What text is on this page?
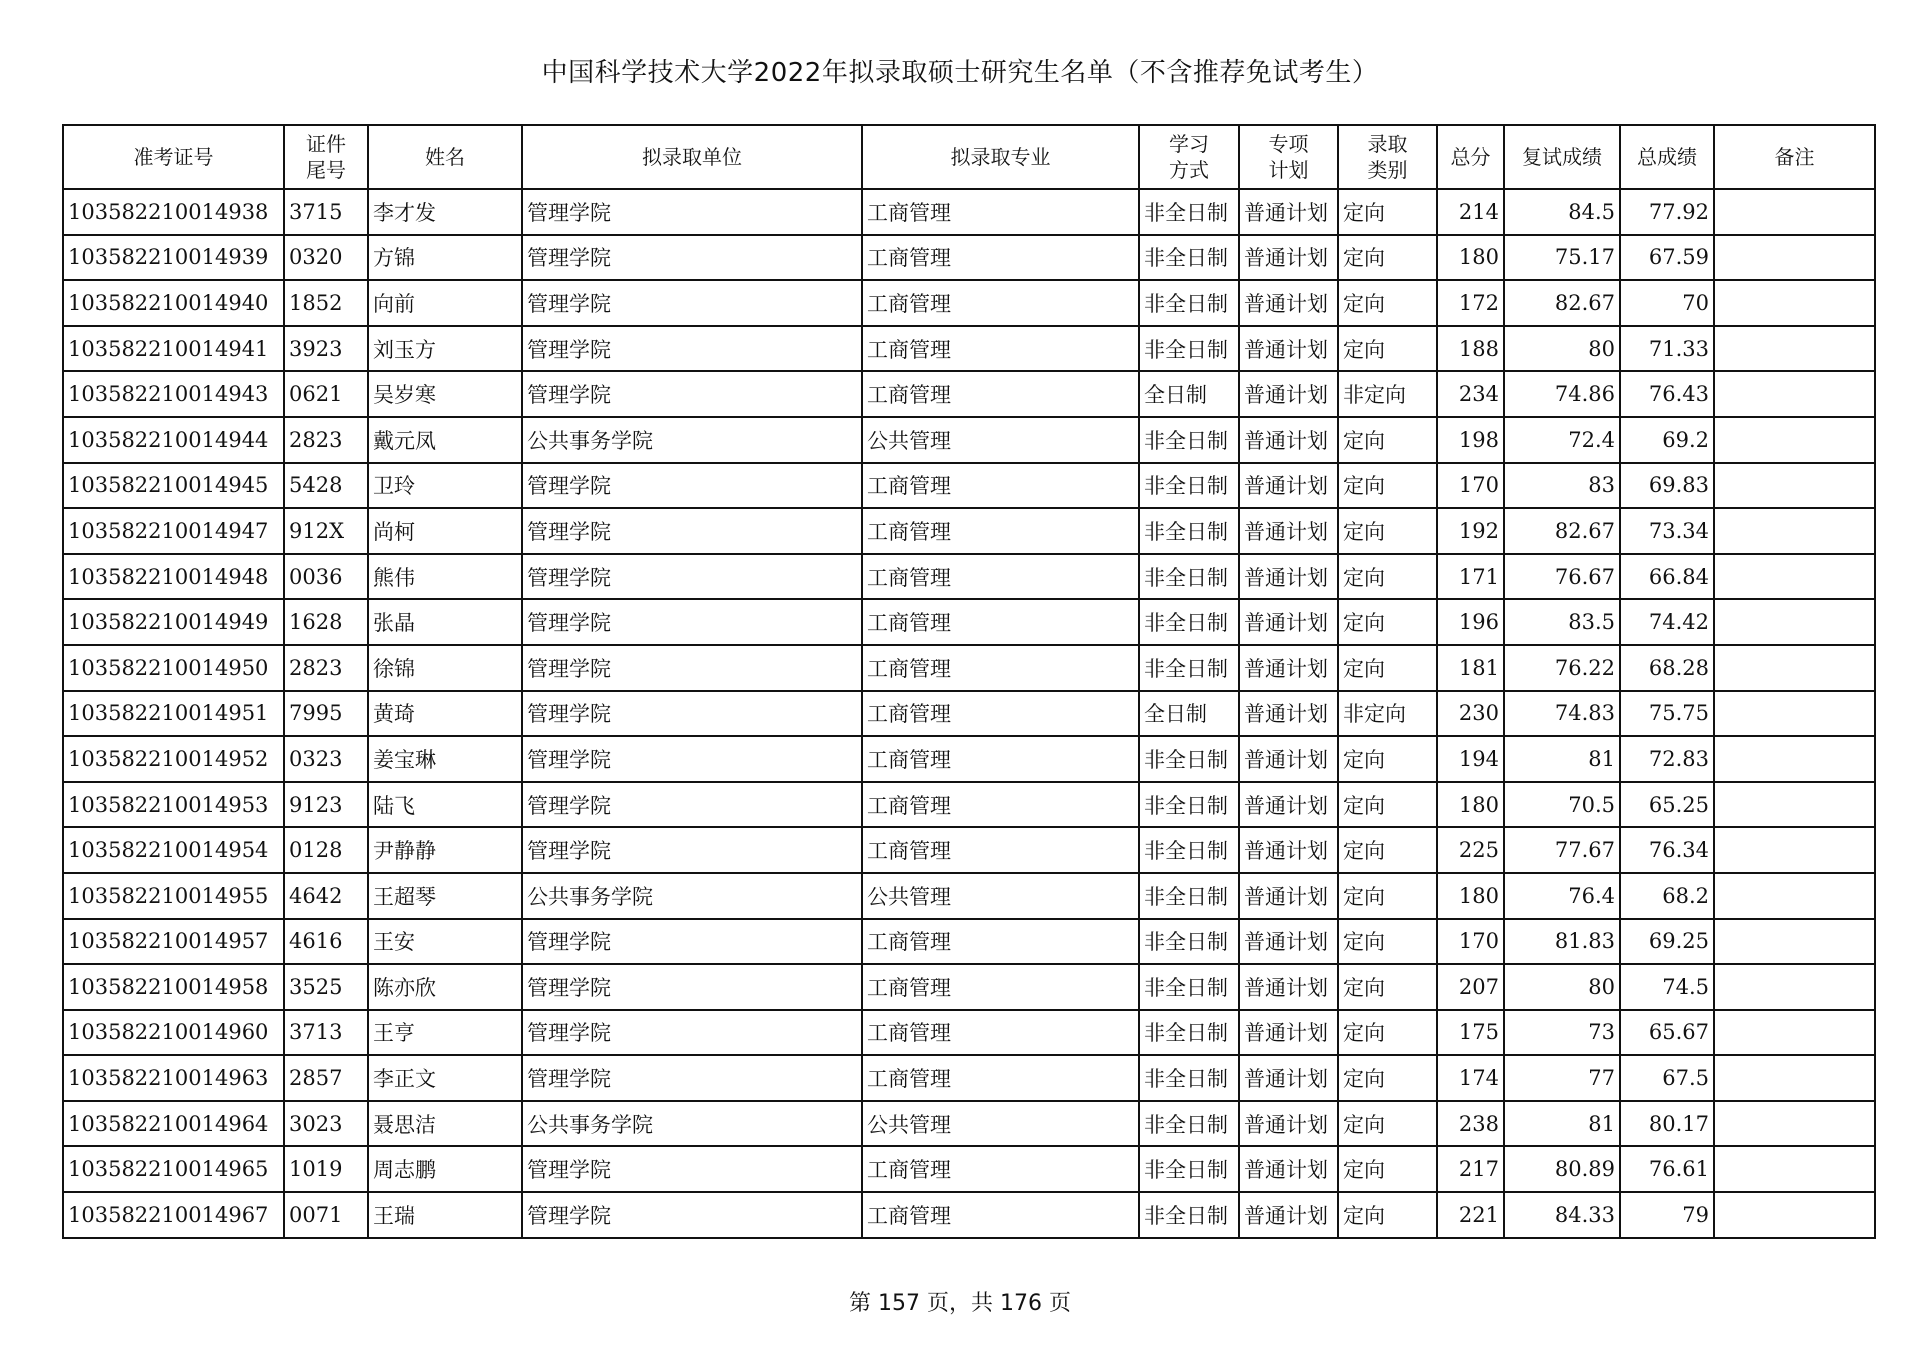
中国科学技术大学2022年拟录取硕士研究生名单（不含推荐免试考生）
准考证号	证件尾号	姓名	拟录取单位	拟录取专业	学习方式	专项计划	录取类别	总分	复试成绩	总成绩	备注
103582210014938	3715	李才发	管理学院	工商管理	非全日制	普通计划	定向	214	84.5	77.92	
103582210014939	0320	方锦	管理学院	工商管理	非全日制	普通计划	定向	180	75.17	67.59	
103582210014940	1852	向前	管理学院	工商管理	非全日制	普通计划	定向	172	82.67	70	
103582210014941	3923	刘玉方	管理学院	工商管理	非全日制	普通计划	定向	188	80	71.33	
103582210014943	0621	吴岁寒	管理学院	工商管理	全日制	普通计划	非定向	234	74.86	76.43	
103582210014944	2823	戴元凤	公共事务学院	公共管理	非全日制	普通计划	定向	198	72.4	69.2	
103582210014945	5428	卫玲	管理学院	工商管理	非全日制	普通计划	定向	170	83	69.83	
103582210014947	912X	尚柯	管理学院	工商管理	非全日制	普通计划	定向	192	82.67	73.34	
103582210014948	0036	熊伟	管理学院	工商管理	非全日制	普通计划	定向	171	76.67	66.84	
103582210014949	1628	张晶	管理学院	工商管理	非全日制	普通计划	定向	196	83.5	74.42	
103582210014950	2823	徐锦	管理学院	工商管理	非全日制	普通计划	定向	181	76.22	68.28	
103582210014951	7995	黄琦	管理学院	工商管理	全日制	普通计划	非定向	230	74.83	75.75	
103582210014952	0323	姜宝琳	管理学院	工商管理	非全日制	普通计划	定向	194	81	72.83	
103582210014953	9123	陆飞	管理学院	工商管理	非全日制	普通计划	定向	180	70.5	65.25	
103582210014954	0128	尹静静	管理学院	工商管理	非全日制	普通计划	定向	225	77.67	76.34	
103582210014955	4642	王超琴	公共事务学院	公共管理	非全日制	普通计划	定向	180	76.4	68.2	
103582210014957	4616	王安	管理学院	工商管理	非全日制	普通计划	定向	170	81.83	69.25	
103582210014958	3525	陈亦欣	管理学院	工商管理	非全日制	普通计划	定向	207	80	74.5	
103582210014960	3713	王亨	管理学院	工商管理	非全日制	普通计划	定向	175	73	65.67	
103582210014963	2857	李正文	管理学院	工商管理	非全日制	普通计划	定向	174	77	67.5	
103582210014964	3023	聂思洁	公共事务学院	公共管理	非全日制	普通计划	定向	238	81	80.17	
103582210014965	1019	周志鹏	管理学院	工商管理	非全日制	普通计划	定向	217	80.89	76.61	
103582210014967	0071	王瑞	管理学院	工商管理	非全日制	普通计划	定向	221	84.33	79	
第 157 页，共 176 页
